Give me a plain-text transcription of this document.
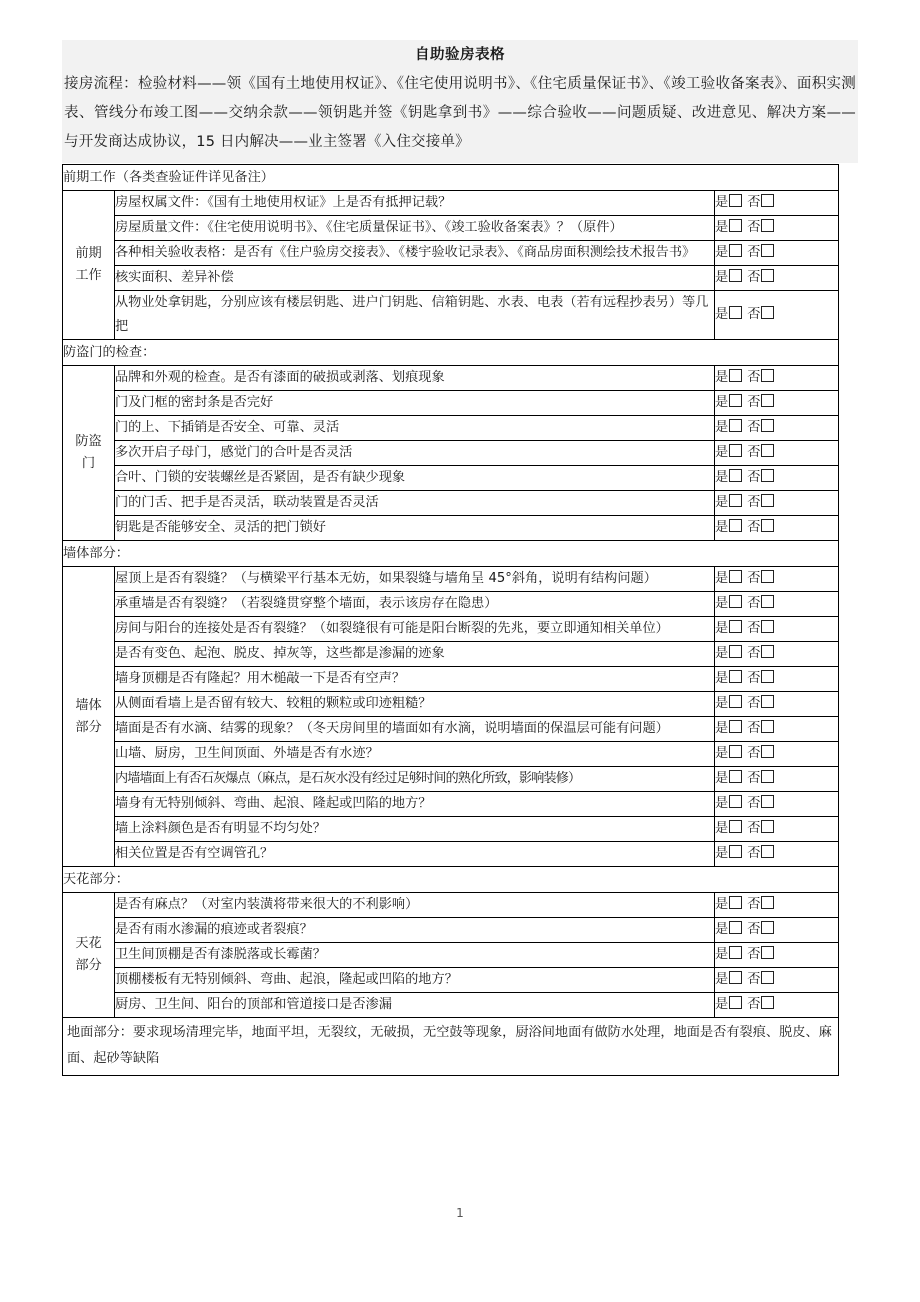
自助验房表格
接房流程：检验材料——领《国有土地使用权证》、《住宅使用说明书》、《住宅质量保证书》、《竣工验收备案表》、面积实测表、管线分布竣工图——交纳余款——领钥匙并签《钥匙拿到书》——综合验收——问题质疑、改进意见、解决方案——与开发商达成协议，15 日内解决——业主签署《入住交接单》
前期工作（各类查验证件详见备注）		

前期
工作	房屋权属文件：《国有土地使用权证》上是否有抵押记载？	是 否
	房屋质量文件：《住宅使用说明书》、《住宅质量保证书》、《竣工验收备案表》？（原件）	是 否
	各种相关验收表格：是否有《住户验房交接表》、《楼宇验收记录表》、《商品房面积测绘技术报告书》	是 否
	核实面积、差异补偿	是 否
	从物业处拿钥匙，分别应该有楼层钥匙、进户门钥匙、信箱钥匙、水表、电表（若有远程抄表另）等几把	是 否
防盗门的检查：		

防盗
门	品牌和外观的检查。是否有漆面的破损或剥落、划痕现象	是 否
	门及门框的密封条是否完好	是 否
	门的上、下插销是否安全、可靠、灵活	是 否
	多次开启子母门，感觉门的合叶是否灵活	是 否
	合叶、门锁的安装螺丝是否紧固，是否有缺少现象	是 否
	门的门舌、把手是否灵活，联动装置是否灵活	是 否
	钥匙是否能够安全、灵活的把门锁好	是 否
墙体部分：		

墙体
部分	屋顶上是否有裂缝？（与横梁平行基本无妨，如果裂缝与墙角呈 45°斜角，说明有结构问题）	是 否
	承重墙是否有裂缝？（若裂缝贯穿整个墙面，表示该房存在隐患）	是 否
	房间与阳台的连接处是否有裂缝？（如裂缝很有可能是阳台断裂的先兆，要立即通知相关单位）	是 否
	是否有变色、起泡、脱皮、掉灰等，这些都是渗漏的迹象	是 否
	墙身顶棚是否有隆起？用木槌敲一下是否有空声？	是 否
	从侧面看墙上是否留有较大、较粗的颗粒或印迹粗糙？	是 否
	墙面是否有水滴、结雾的现象？（冬天房间里的墙面如有水滴，说明墙面的保温层可能有问题）	是 否
	山墙、厨房，卫生间顶面、外墙是否有水迹？	是 否
	内墙墙面上有否石灰爆点（麻点，是石灰水没有经过足够时间的熟化所致，影响装修）	是 否
	墙身有无特别倾斜、弯曲、起浪、隆起或凹陷的地方？	是 否
	墙上涂料颜色是否有明显不均匀处？	是 否
	相关位置是否有空调管孔？	是 否
天花部分：		

天花
部分	是否有麻点？（对室内装潢将带来很大的不利影响）	是 否
	是否有雨水渗漏的痕迹或者裂痕？	是 否
	卫生间顶棚是否有漆脱落或长霉菌？	是 否
	顶棚楼板有无特别倾斜、弯曲、起浪，隆起或凹陷的地方？	是 否
	厨房、卫生间、阳台的顶部和管道接口是否渗漏	是 否
地面部分：要求现场清理完毕，地面平坦，无裂纹，无破损，无空鼓等现象，厨浴间地面有做防水处理，地面是否有裂痕、脱皮、麻面、起砂等缺陷		
1
